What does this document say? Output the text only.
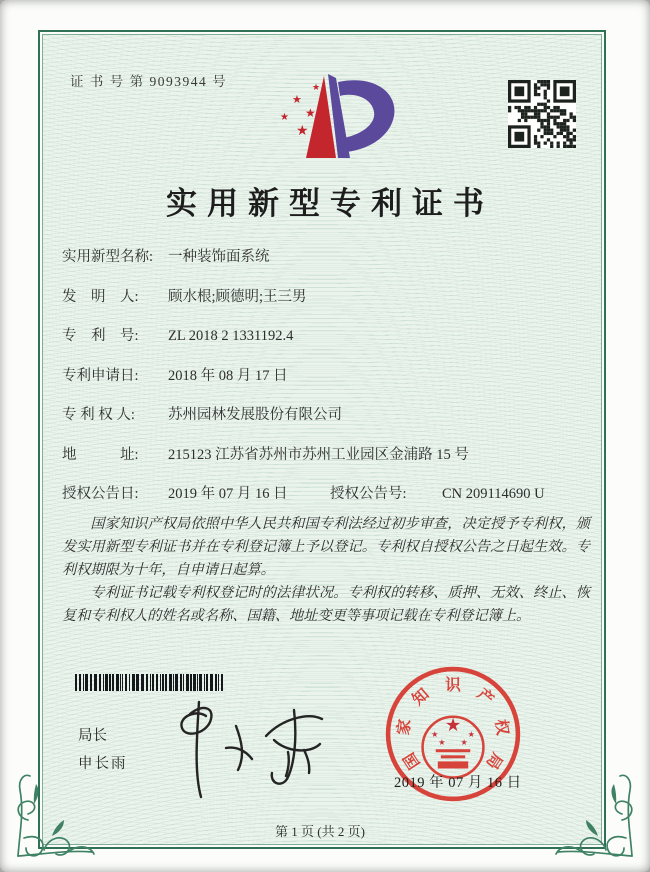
证 书 号 第 9093944 号	★
★
★
★
★
实用新型专利证书
实用新型名称:	一种装饰面系统
发　明　人:	顾水根;顾德明;王三男
专　利　号:	ZL 2018 2 1331192.4
专利申请日:	2018 年 08 月 17 日
专 利 权 人:	苏州园林发展股份有限公司
地　　　址:	215123 江苏省苏州市苏州工业园区金浦路 15 号
授权公告日:	2019 年 07 月 16 日	授权公告号:	CN 209114690 U

国家知识产权局依照中华人民共和国专利法经过初步审查，决定授予专利权，颁发实用新型专利证书并在专利登记簿上予以登记。专利权自授权公告之日起生效。专利权期限为十年，自申请日起算。

专利证书记载专利权登记时的法律状况。专利权的转移、质押、无效、终止、恢复和专利权人的姓名或名称、国籍、地址变更等事项记载在专利登记簿上。

局长
申长雨
★
★	★
★ ★
国
家
知
识
产
权
局
2019 年 07 月 16 日
第 1 页 (共 2 页)
